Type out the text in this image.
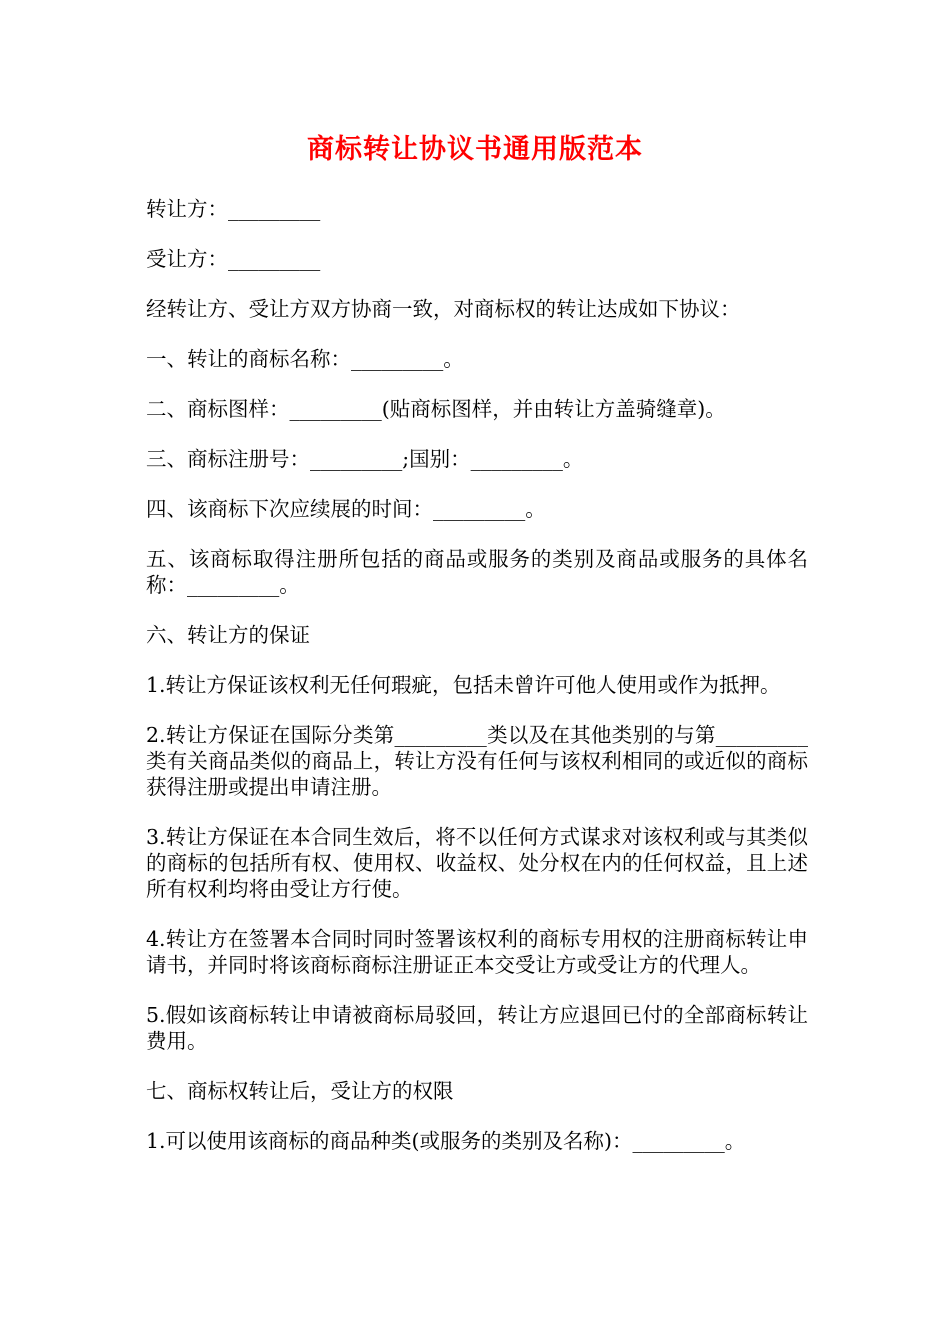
商标转让协议书通用版范本

转让方：_________

受让方：_________

经转让方、受让方双方协商一致，对商标权的转让达成如下协议：

一、转让的商标名称：_________。

二、商标图样：_________(贴商标图样，并由转让方盖骑缝章)。

三、商标注册号：_________;国别：_________。

四、该商标下次应续展的时间：_________。

五、该商标取得注册所包括的商品或服务的类别及商品或服务的具体名称：_________。

六、转让方的保证

1.转让方保证该权利无任何瑕疵，包括未曾许可他人使用或作为抵押。

2.转让方保证在国际分类第_________类以及在其他类别的与第_________类有关商品类似的商品上，转让方没有任何与该权利相同的或近似的商标获得注册或提出申请注册。

3.转让方保证在本合同生效后，将不以任何方式谋求对该权利或与其类似的商标的包括所有权、使用权、收益权、处分权在内的任何权益，且上述所有权利均将由受让方行使。

4.转让方在签署本合同时同时签署该权利的商标专用权的注册商标转让申请书，并同时将该商标商标注册证正本交受让方或受让方的代理人。

5.假如该商标转让申请被商标局驳回，转让方应退回已付的全部商标转让费用。

七、商标权转让后，受让方的权限

1.可以使用该商标的商品种类(或服务的类别及名称)：_________。
